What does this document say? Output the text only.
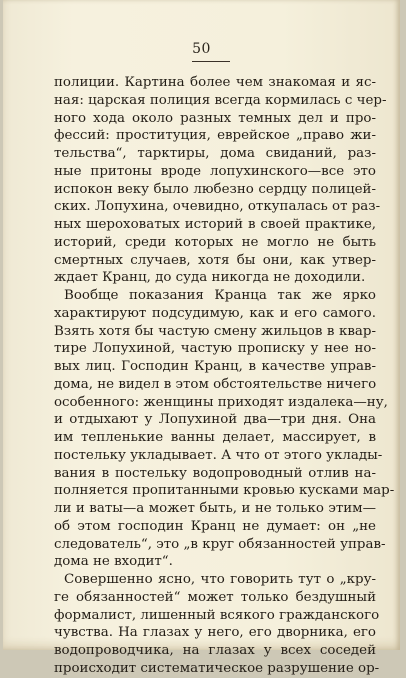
50
полиции. Картина более чем знакомая и яс-
ная: царская полиция всегда кормилась с чер-
ного хода около разных темных дел и про-
фессий: проституция, еврейское „право жи-
тельства“, тарктиры, дома свиданий, раз-
ные притоны вроде лопухинского—все это
испокон веку было любезно сердцу полицей-
ских. Лопухина, очевидно, откупалась от раз-
ных шероховатых историй в своей практике,
историй, среди которых не могло не быть
смертных случаев, хотя бы они, как утвер-
ждает Кранц, до суда никогда не доходили.
Вообще показания Кранца так же ярко
характируют подсудимую, как и его самого.
Взять хотя бы частую смену жильцов в квар-
тире Лопухиной, частую прописку у нее но-
вых лиц. Господин Кранц, в качестве управ-
дома, не видел в этом обстоятельстве ничего
особенного: женщины приходят издалека—ну,
и отдыхают у Лопухиной два—три дня. Она
им тепленькие ванны делает, массирует, в
постельку укладывает. А что от этого уклады-
вания в постельку водопроводный отлив на-
полняется пропитанными кровью кусками мар-
ли и ваты—а может быть, и не только этим—
об этом господин Кранц не думает: он „не
следователь“, это „в круг обязанностей управ-
дома не входит“.
Совершенно ясно, что говорить тут о „кру-
ге обязанностей“ может только бездушный
формалист, лишенный всякого гражданского
чувства. На глазах у него, его дворника, его
водопроводчика, на глазах у всех соседей
происходит систематическое разрушение ор-
